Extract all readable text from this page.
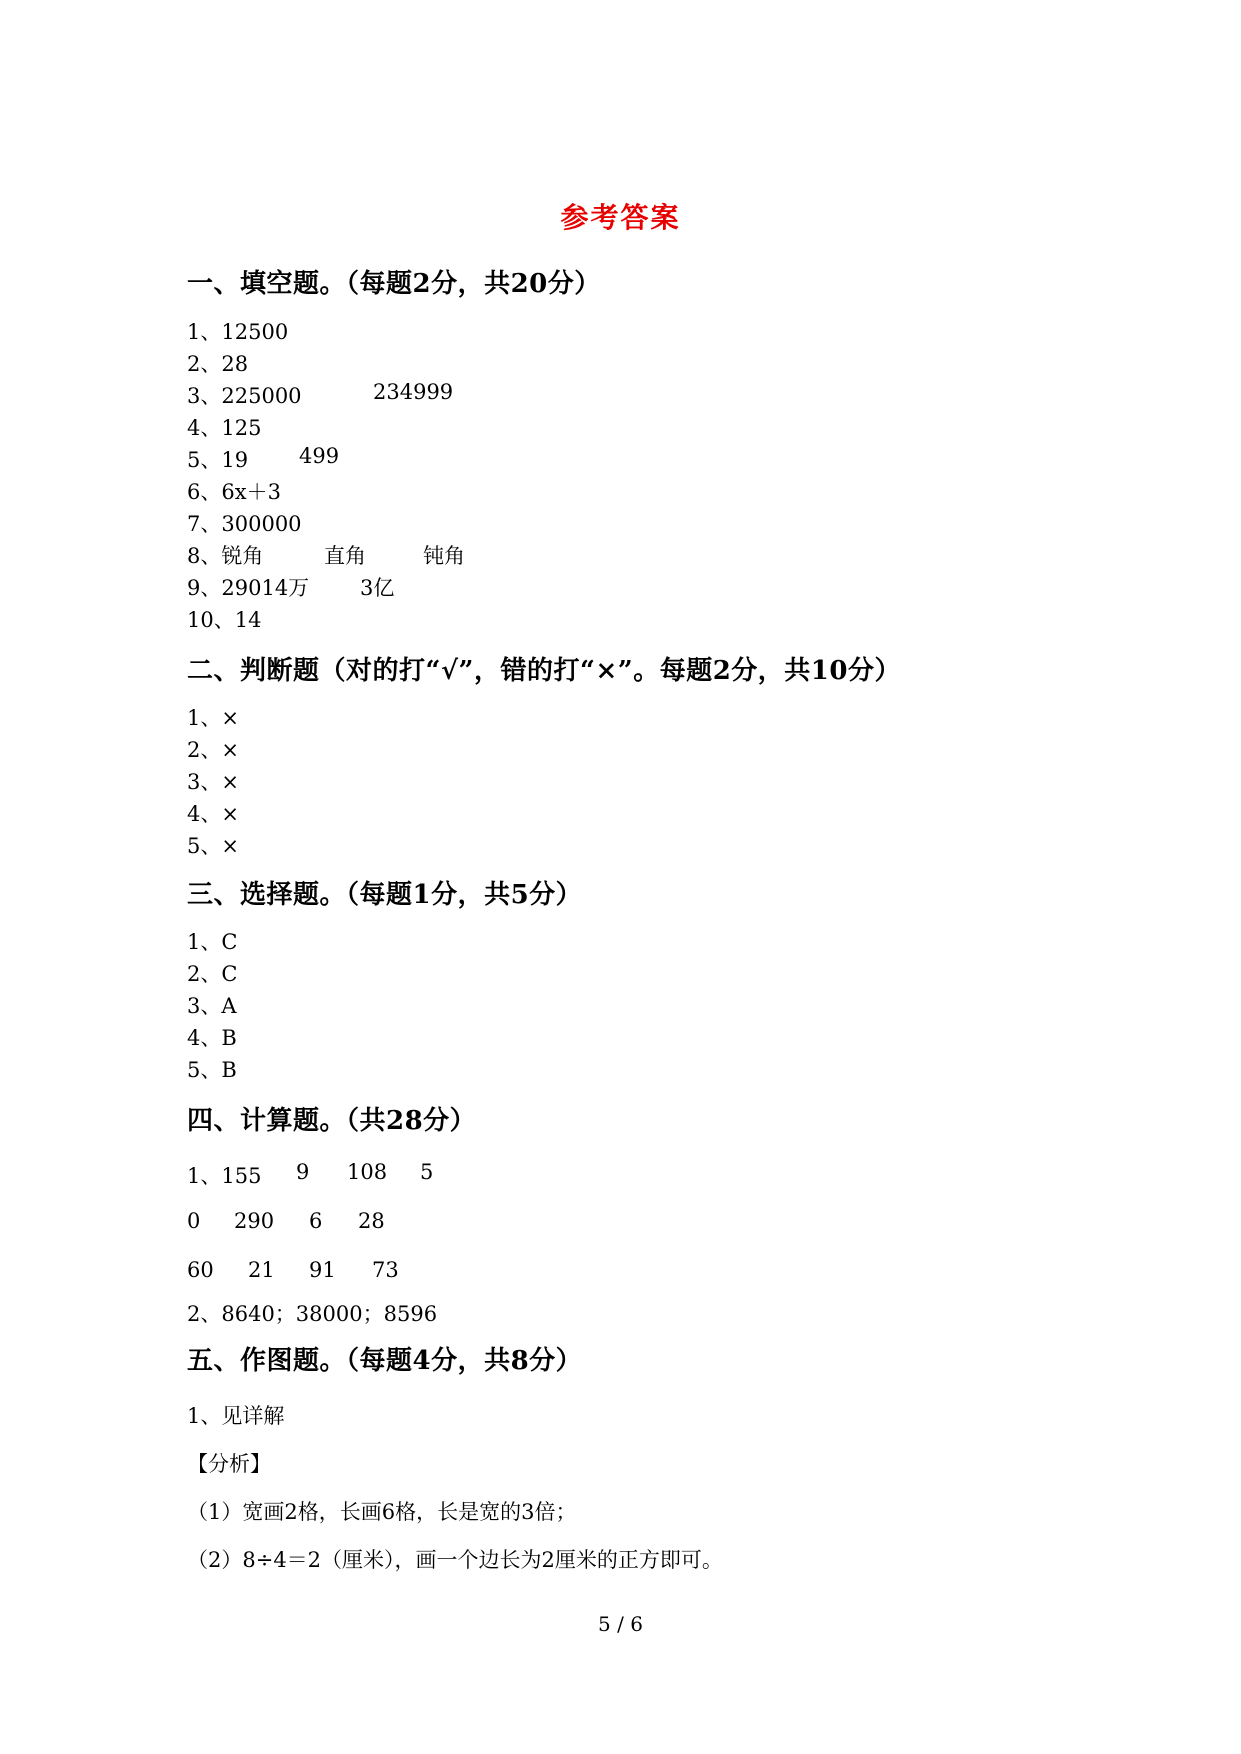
参考答案
一、填空题。（每题2分，共20分）
1、12500
2、28
3、225000	234999
4、125
5、19 499
6、6x＋3
7、300000
8、锐角	直角	钝角
9、29014万 3亿
10、14
二、判断题（对的打“√”，错的打“×”。每题2分，共10分）
1、×
2、×
3、×
4、×
5、×
三、选择题。（每题1分，共5分）
1、C
2、C
3、A
4、B
5、B
四、计算题。（共28分）
1、155 9 108 5
0 290 6 28
60 21 91 73
2、8640；38000；8596
五、作图题。（每题4分，共8分）
1、见详解
【分析】
（1）宽画2格，长画6格，长是宽的3倍；
（2）8÷4＝2（厘米），画一个边长为2厘米的正方即可。
5 / 6
